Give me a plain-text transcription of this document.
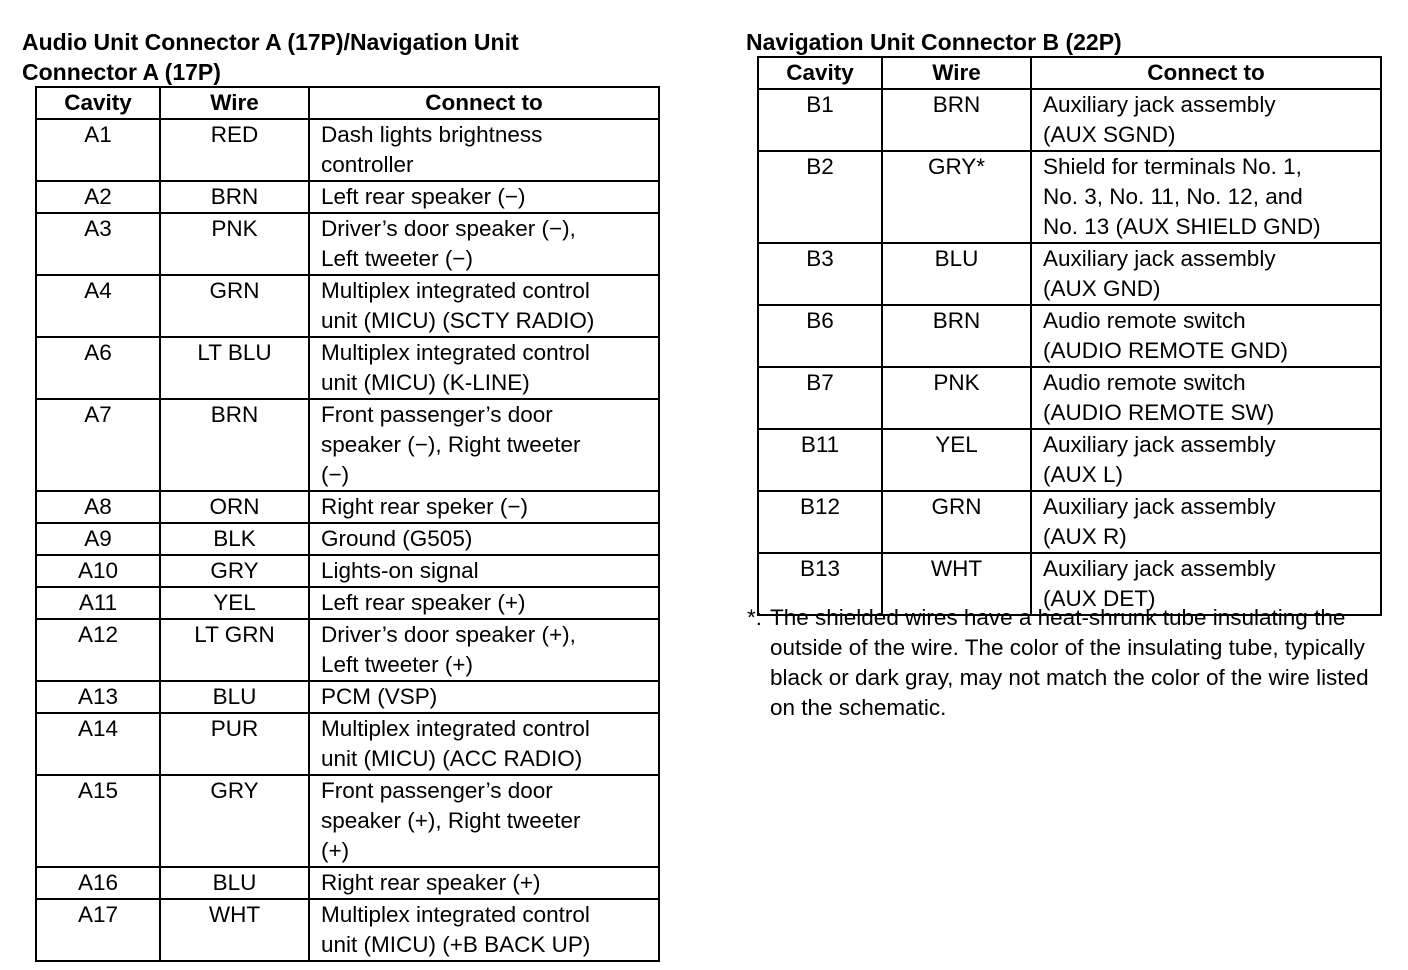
Audio Unit Connector A (17P)/Navigation Unit
Connector A (17P)
Cavity	Wire	Connect to
A1	RED	Dash lights brightness
controller

A2	BRN	Left rear speaker (−)

A3	PNK	Driver’s door speaker (−),
Left tweeter (−)

A4	GRN	Multiplex integrated control
unit (MICU) (SCTY RADIO)

A6	LT BLU	Multiplex integrated control
unit (MICU) (K-LINE)

A7	BRN	Front passenger’s door
speaker (−), Right tweeter
(−)

A8	ORN	Right rear speker (−)

A9	BLK	Ground (G505)

A10	GRY	Lights-on signal

A11	YEL	Left rear speaker (+)

A12	LT GRN	Driver’s door speaker (+),
Left tweeter (+)

A13	BLU	PCM (VSP)

A14	PUR	Multiplex integrated control
unit (MICU) (ACC RADIO)

A15	GRY	Front passenger’s door
speaker (+), Right tweeter
(+)

A16	BLU	Right rear speaker (+)

A17	WHT	Multiplex integrated control
unit (MICU) (+B BACK UP)
Navigation Unit Connector B (22P)
Cavity	Wire	Connect to
B1	BRN	Auxiliary jack assembly
(AUX SGND)

B2	GRY*	Shield for terminals No. 1,
No. 3, No. 11, No. 12, and
No. 13 (AUX SHIELD GND)

B3	BLU	Auxiliary jack assembly
(AUX GND)

B6	BRN	Audio remote switch
(AUDIO REMOTE GND)

B7	PNK	Audio remote switch
(AUDIO REMOTE SW)

B11	YEL	Auxiliary jack assembly
(AUX L)

B12	GRN	Auxiliary jack assembly
(AUX R)

B13	WHT	Auxiliary jack assembly
(AUX DET)
*: The shielded wires have a heat-shrunk tube insulating the outside of the wire. The color of the insulating tube, typically black or dark gray, may not match the color of the wire listed on the schematic.
